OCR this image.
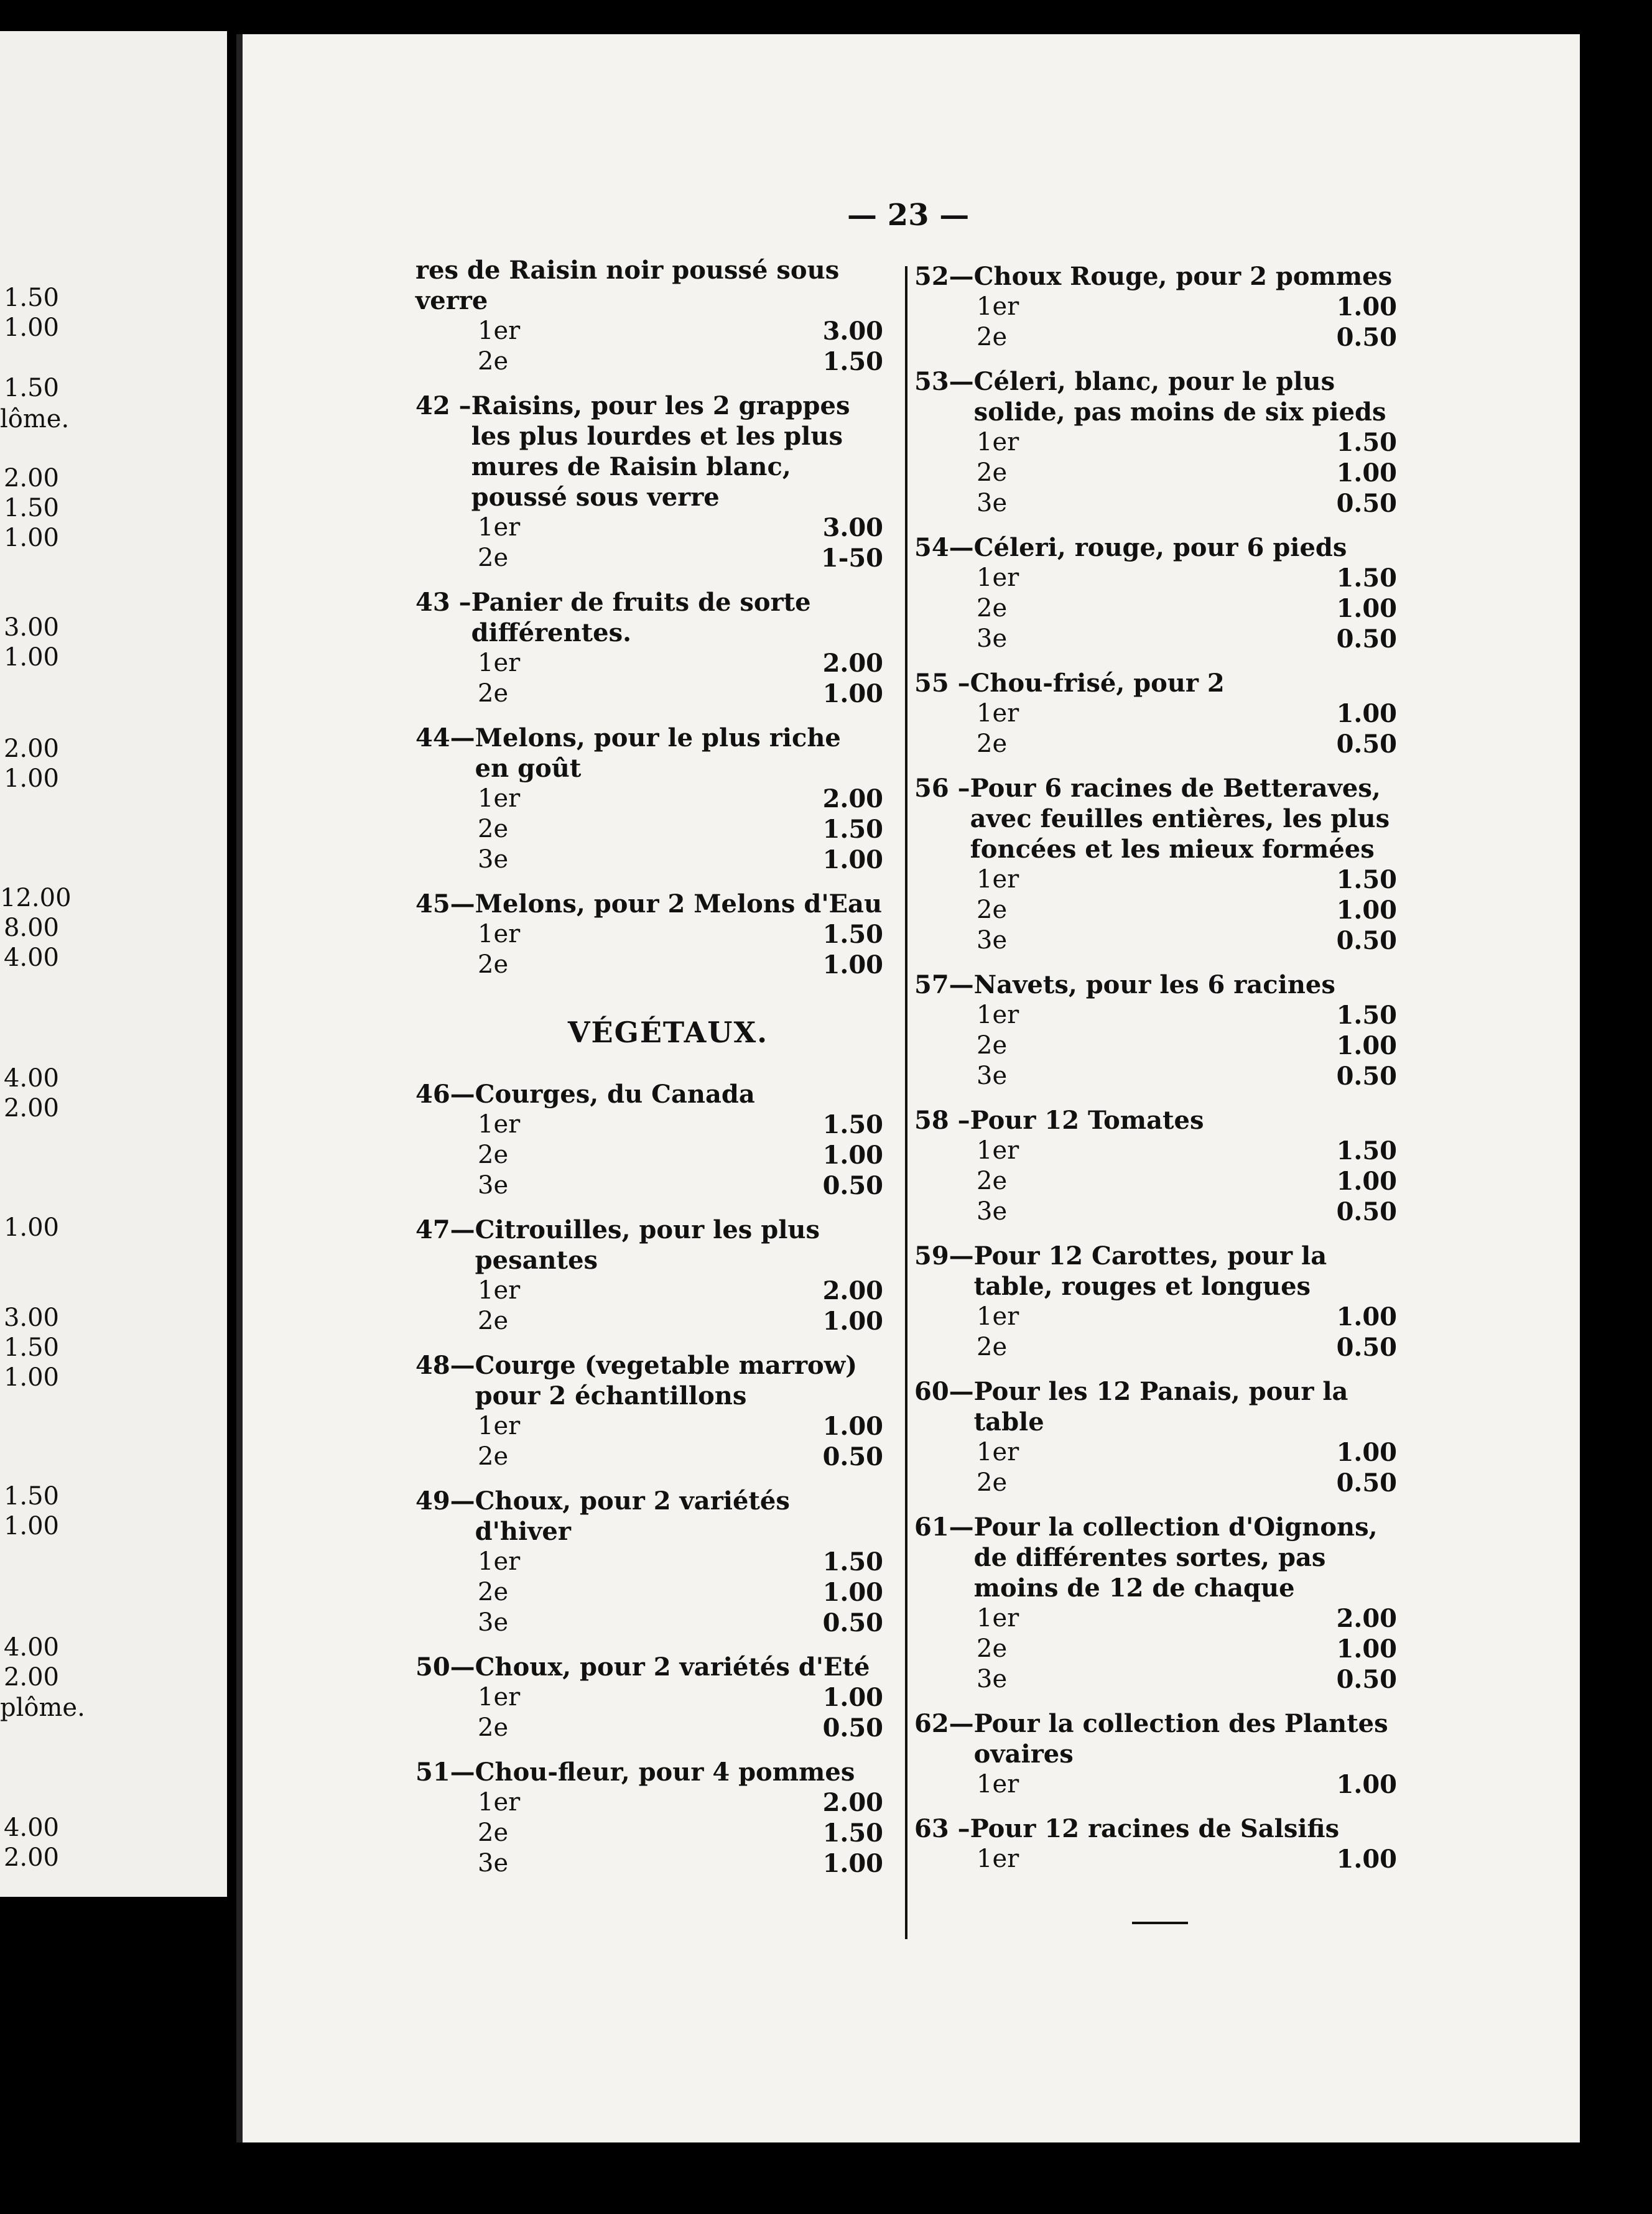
1.50
1.00
1.50
2.00
1.50
1.00
3.00
1.00
2.00
1.00
12.00
8.00
4.00
4.00
2.00
1.00
3.00
1.50
1.00
1.50
1.00
4.00
2.00
4.00
2.00
lôme.
plôme.
— 23 —
res de Raisin noir poussé sous verre
1er	3.00
2e	1.50
42 – Raisins, pour les 2 grappes les plus lourdes et les plus mures de Raisin blanc, poussé sous verre
1er	3.00
2e	1-50
43 – Panier de fruits de sorte différentes.
1er	2.00
2e	1.00
44— Melons, pour le plus riche en goût
1er	2.00
2e	1.50
3e	1.00
45— Melons, pour 2 Melons d'Eau
1er	1.50
2e	1.00
VÉGÉTAUX.
46— Courges, du Canada
1er	1.50
2e	1.00
3e	0.50
47— Citrouilles, pour les plus pesantes
1er	2.00
2e	1.00
48— Courge (vegetable marrow) pour 2 échantillons
1er	1.00
2e	0.50
49— Choux, pour 2 variétés d'hiver
1er	1.50
2e	1.00
3e	0.50
50— Choux, pour 2 variétés d'Eté
1er	1.00
2e	0.50
51— Chou-fleur, pour 4 pommes
1er	2.00
2e	1.50
3e	1.00
52— Choux Rouge, pour 2 pommes
1er	1.00
2e	0.50
53— Céleri, blanc, pour le plus solide, pas moins de six pieds
1er	1.50
2e	1.00
3e	0.50
54— Céleri, rouge, pour 6 pieds
1er	1.50
2e	1.00
3e	0.50
55 – Chou-frisé, pour 2
1er	1.00
2e	0.50
56 – Pour 6 racines de Betteraves, avec feuilles entières, les plus foncées et les mieux formées
1er	1.50
2e	1.00
3e	0.50
57— Navets, pour les 6 racines
1er	1.50
2e	1.00
3e	0.50
58 – Pour 12 Tomates
1er	1.50
2e	1.00
3e	0.50
59— Pour 12 Carottes, pour la table, rouges et longues
1er	1.00
2e	0.50
60— Pour les 12 Panais, pour la table
1er	1.00
2e	0.50
61— Pour la collection d'Oignons, de différentes sortes, pas moins de 12 de chaque
1er	2.00
2e	1.00
3e	0.50
62— Pour la collection des Plantes ovaires
1er	1.00
63 – Pour 12 racines de Salsifis
1er	1.00
